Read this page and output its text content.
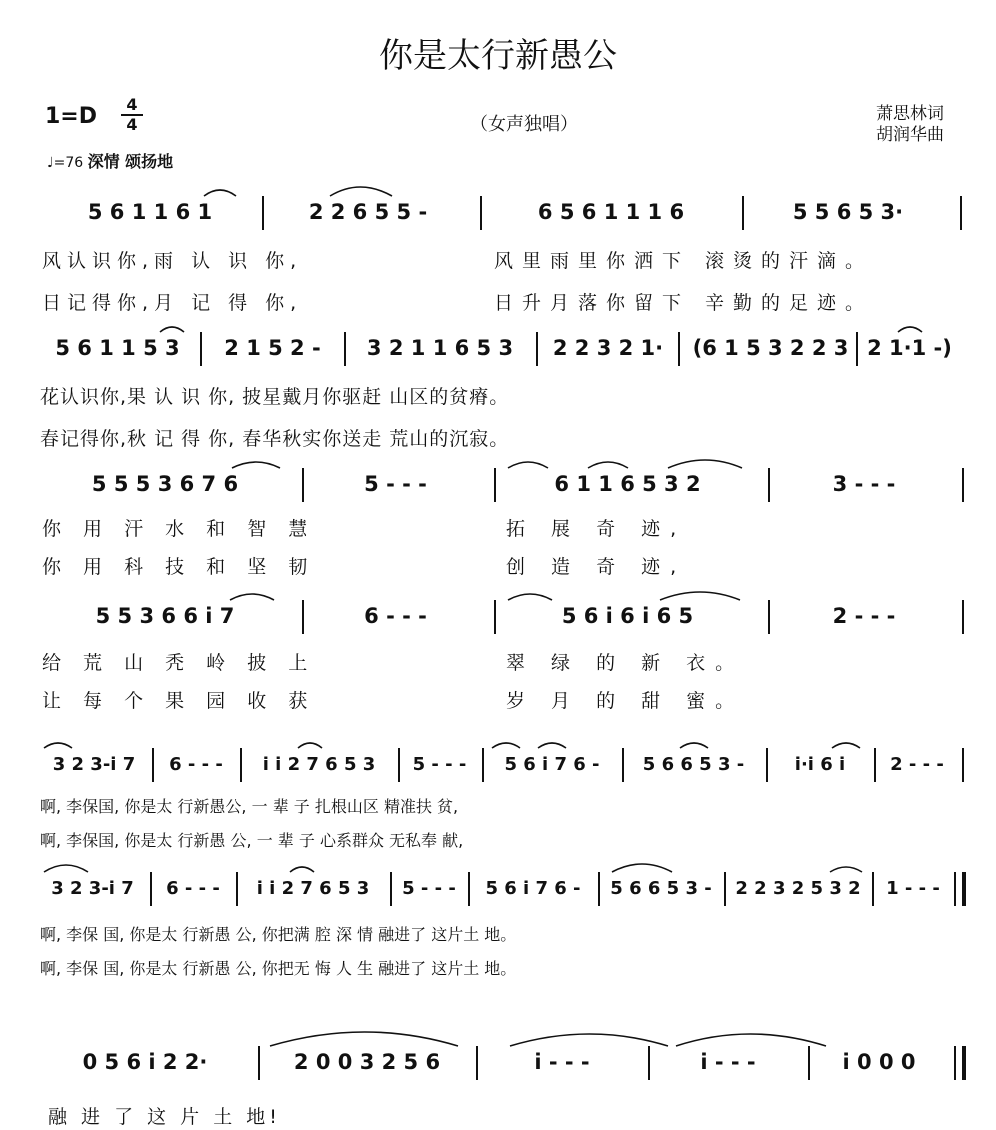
你是太行新愚公
$1=D \frac{4}{4}$	（女声独唱）	萧思林词
胡润华曲
♩=76 深情 颂扬地
5 6 1 1 6 1	2 2 6 5 5 -	6 5 6 1 1 1 6	5 5 6 5 3·
风认识你,雨 认 识 你,
日记得你,月 记 得 你,
风里雨里你洒下 滚烫的汗滴。
日升月落你留下 辛勤的足迹。
5 6 1 1 5 3	2 1 5 2 -	3 2 1 1 6 5 3	2 2 3 2 1·	(6 1 5 3 2 2 3 2 1·1 -)
花认识你,果 认 识 你, 披星戴月你驱赶 山区的贫瘠。
春记得你,秋 记 得 你, 春华秋实你送走 荒山的沉寂。
5 5 5 3 6 7 6	5 - - -	6 1 1 6 5 3 2	3 - - -
你 用 汗 水 和 智 慧
你 用 科 技 和 坚 韧
拓 展 奇 迹,
创 造 奇 迹,
5 5 3 6 6 i 7	6 - - -	5 6 i 6 i 6 5	2 - - -
给 荒 山 秃 岭 披 上
让 每 个 果 园 收 获
翠 绿 的 新 衣。
岁 月 的 甜 蜜。
3 2 3-i 7	6 - - -	i i 2 7 6 5 3	5 - - -	5 6 i 7 6 -	5 6 6 5 3 -	i·i 6 i	2 - - -
啊, 李保国, 你是太 行新愚公, 一 辈 子 扎根山区 精准扶 贫,
啊, 李保国, 你是太 行新愚 公, 一 辈 子 心系群众 无私奉 献,
3 2 3-i 7	6 - - -	i i 2 7 6 5 3	5 - - -	5 6 i 7 6 -	5 6 6 5 3 -	2 2 3 2 5 3 2	1 - - -
啊, 李保 国, 你是太 行新愚 公, 你把满 腔 深 情 融进了 这片土 地。
啊, 李保 国, 你是太 行新愚 公, 你把无 悔 人 生 融进了 这片土 地。
0 5 6 i 2 2·	2 0 0 3 2 5 6	i - - -	i - - -	i 0 0 0
融 进 了 这 片 土 地!
